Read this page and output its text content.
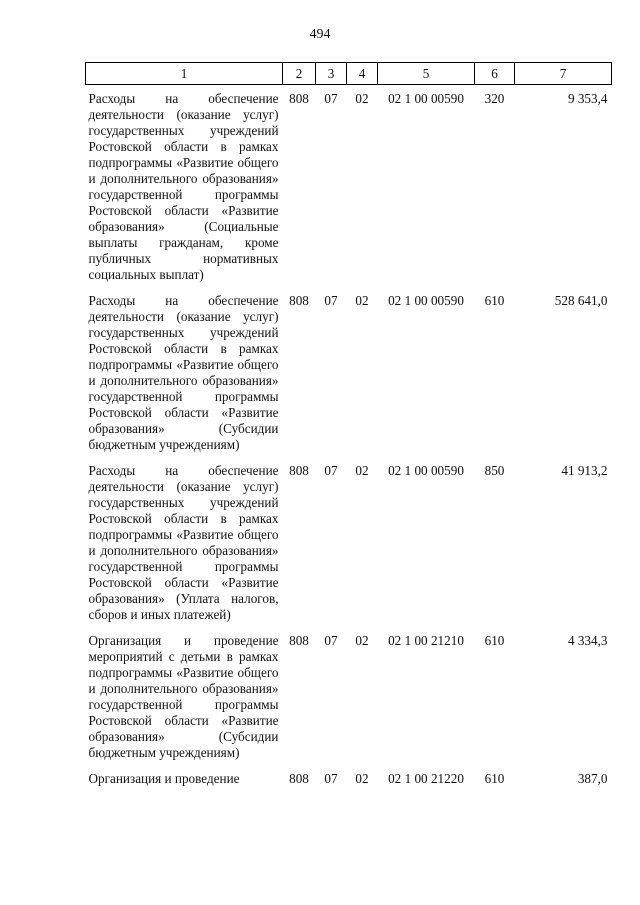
494
1	2	3	4	5	6	7
Расходы на обеспечение деятельности (оказание услуг) государственных учреждений Ростовской области в рамках подпрограммы «Развитие общего и дополнительного образования» государственной программы Ростовской области «Развитие образования» (Социальные выплаты гражданам, кроме публичных нормативных социальных выплат)	808	07	02	02 1 00 00590	320	9 353,4
Расходы на обеспечение деятельности (оказание услуг) государственных учреждений Ростовской области в рамках подпрограммы «Развитие общего и дополнительного образования» государственной программы Ростовской области «Развитие образования» (Субсидии бюджетным учреждениям)	808	07	02	02 1 00 00590	610	528 641,0
Расходы на обеспечение деятельности (оказание услуг) государственных учреждений Ростовской области в рамках подпрограммы «Развитие общего и дополнительного образования» государственной программы Ростовской области «Развитие образования» (Уплата налогов, сборов и иных платежей)	808	07	02	02 1 00 00590	850	41 913,2
Организация и проведение мероприятий с детьми в рамках подпрограммы «Развитие общего и дополнительного образования» государственной программы Ростовской области «Развитие образования» (Субсидии бюджетным учреждениям)	808	07	02	02 1 00 21210	610	4 334,3
Организация и проведение	808	07	02	02 1 00 21220	610	387,0
